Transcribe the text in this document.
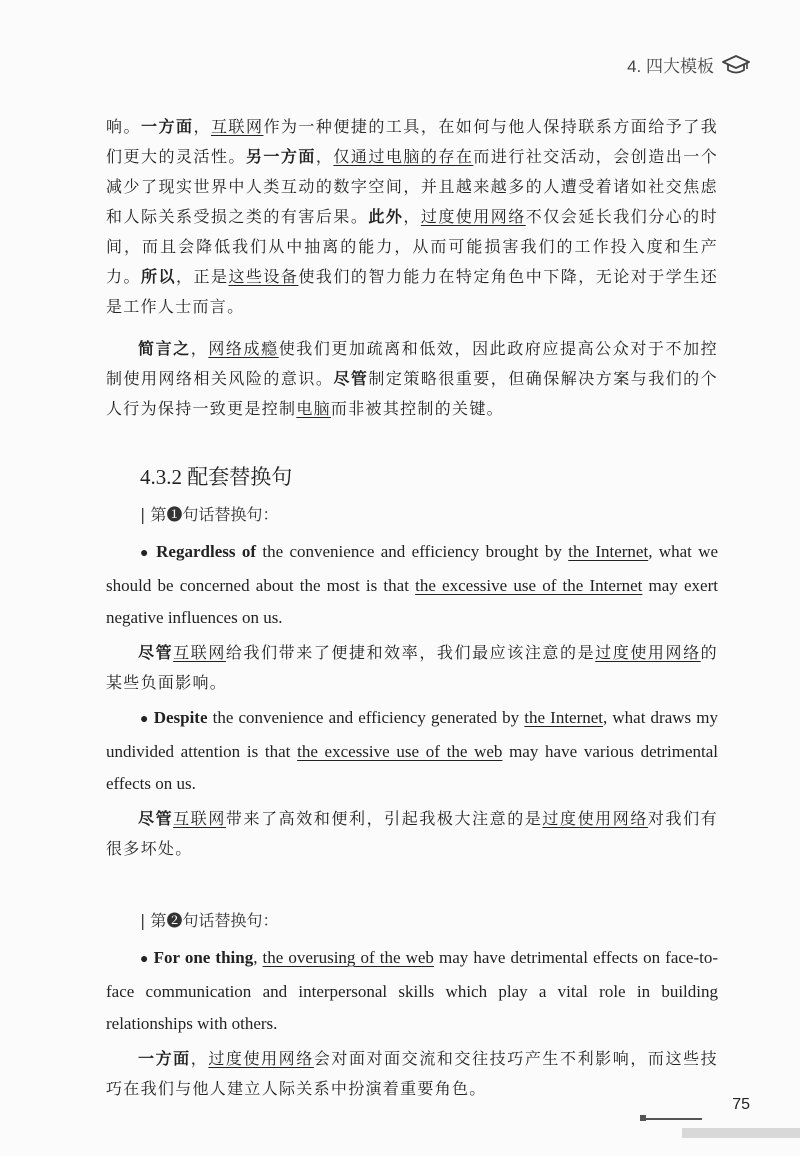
4. 四大模板

响。一方面，互联网作为一种便捷的工具，在如何与他人保持联系方面给予了我们更大的灵活性。另一方面，仅通过电脑的存在而进行社交活动，会创造出一个减少了现实世界中人类互动的数字空间，并且越来越多的人遭受着诸如社交焦虑和人际关系受损之类的有害后果。此外，过度使用网络不仅会延长我们分心的时间，而且会降低我们从中抽离的能力，从而可能损害我们的工作投入度和生产力。所以，正是这些设备使我们的智力能力在特定角色中下降，无论对于学生还是工作人士而言。

简言之，网络成瘾使我们更加疏离和低效，因此政府应提高公众对于不加控制使用网络相关风险的意识。尽管制定策略很重要，但确保解决方案与我们的个人行为保持一致更是控制电脑而非被其控制的关键。

4.3.2 配套替换句
| 第❶句话替换句：

● Regardless of the convenience and efficiency brought by the Internet, what we should be concerned about the most is that the excessive use of the Internet may exert negative influences on us.

尽管互联网给我们带来了便捷和效率，我们最应该注意的是过度使用网络的某些负面影响。

● Despite the convenience and efficiency generated by the Internet, what draws my undivided attention is that the excessive use of the web may have various detrimental effects on us.

尽管互联网带来了高效和便利，引起我极大注意的是过度使用网络对我们有很多坏处。

| 第❷句话替换句：

● For one thing, the overusing of the web may have detrimental effects on face-to-face communication and interpersonal skills which play a vital role in building relationships with others.

一方面，过度使用网络会对面对面交流和交往技巧产生不利影响，而这些技巧在我们与他人建立人际关系中扮演着重要角色。

75
